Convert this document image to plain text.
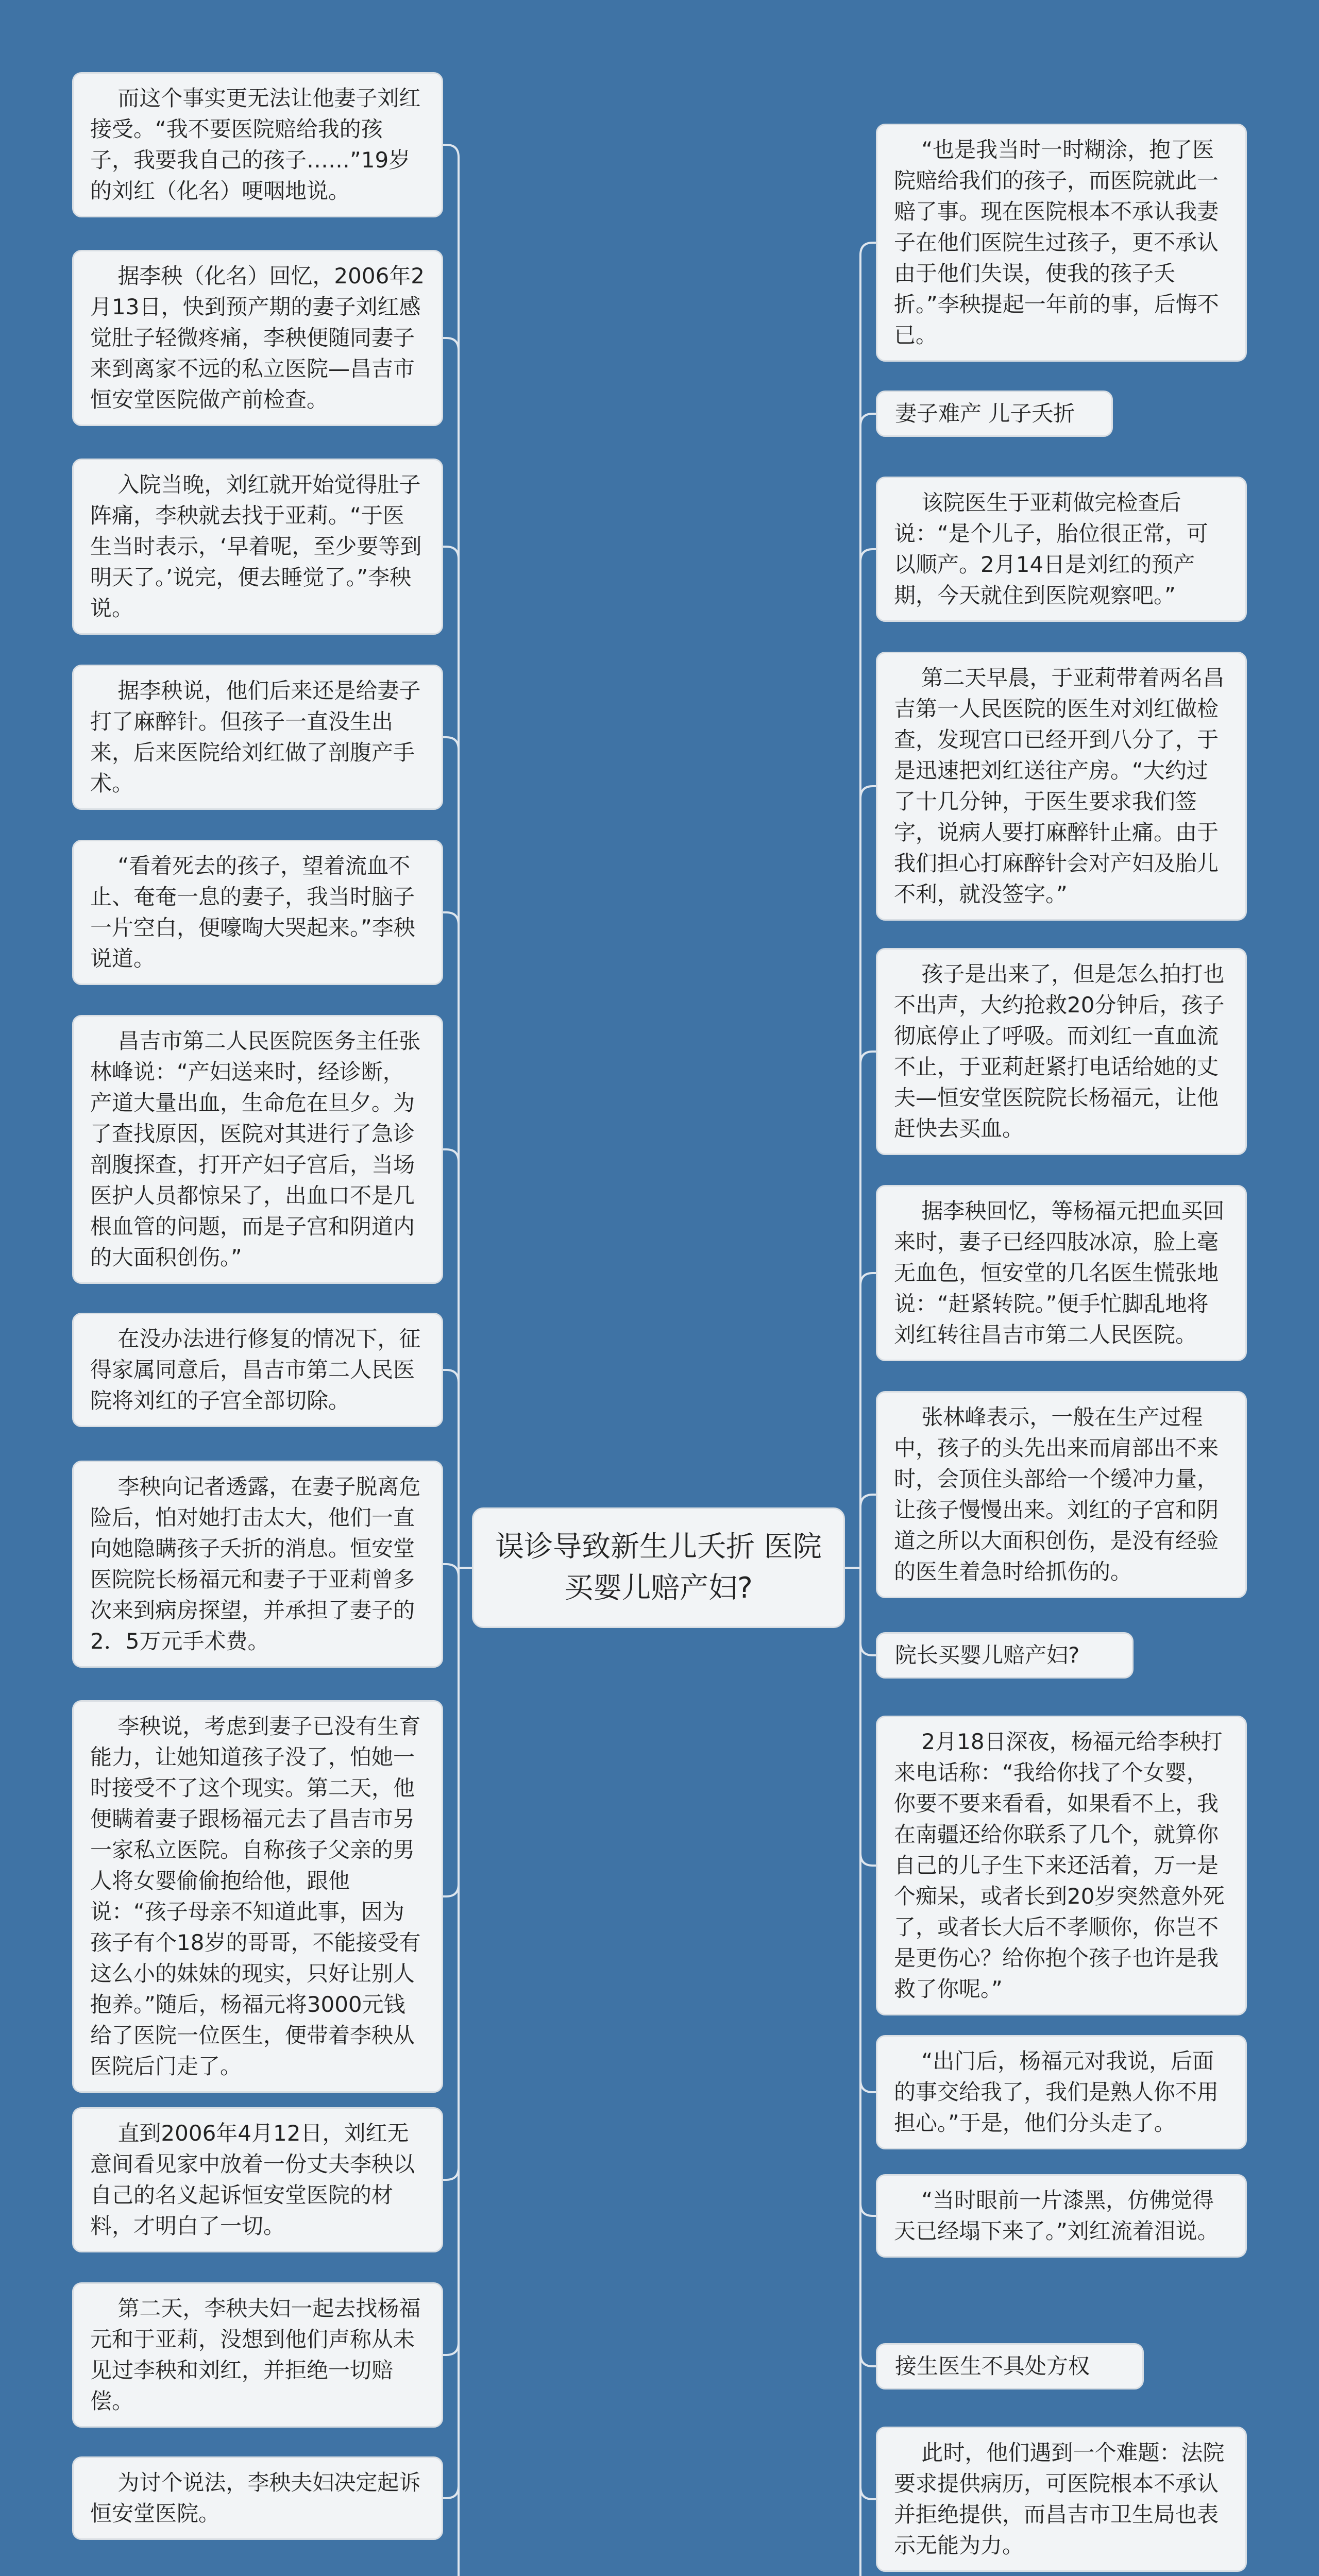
误诊导致新生儿夭折 医院买婴儿赔产妇?
而这个事实更无法让他妻子刘红接受。“我不要医院赔给我的孩子，我要我自己的孩子……”19岁的刘红（化名）哽咽地说。
据李秧（化名）回忆，2006年2月13日，快到预产期的妻子刘红感觉肚子轻微疼痛，李秧便随同妻子来到离家不远的私立医院—昌吉市恒安堂医院做产前检查。
入院当晚，刘红就开始觉得肚子阵痛，李秧就去找于亚莉。“于医生当时表示，‘早着呢，至少要等到明天了。’说完，便去睡觉了。”李秧说。
据李秧说，他们后来还是给妻子打了麻醉针。但孩子一直没生出来，后来医院给刘红做了剖腹产手术。
“看着死去的孩子，望着流血不止、奄奄一息的妻子，我当时脑子一片空白，便嚎啕大哭起来。”李秧说道。
昌吉市第二人民医院医务主任张林峰说：“产妇送来时，经诊断，产道大量出血，生命危在旦夕。为了查找原因，医院对其进行了急诊剖腹探查，打开产妇子宫后，当场医护人员都惊呆了，出血口不是几根血管的问题，而是子宫和阴道内的大面积创伤。”
在没办法进行修复的情况下，征得家属同意后，昌吉市第二人民医院将刘红的子宫全部切除。
李秧向记者透露，在妻子脱离危险后，怕对她打击太大，他们一直向她隐瞒孩子夭折的消息。恒安堂医院院长杨福元和妻子于亚莉曾多次来到病房探望，并承担了妻子的2．5万元手术费。
李秧说，考虑到妻子已没有生育能力，让她知道孩子没了，怕她一时接受不了这个现实。第二天，他便瞒着妻子跟杨福元去了昌吉市另一家私立医院。自称孩子父亲的男人将女婴偷偷抱给他，跟他说：“孩子母亲不知道此事，因为孩子有个18岁的哥哥，不能接受有这么小的妹妹的现实，只好让别人抱养。”随后，杨福元将3000元钱给了医院一位医生，便带着李秧从医院后门走了。
直到2006年4月12日，刘红无意间看见家中放着一份丈夫李秧以自己的名义起诉恒安堂医院的材料，才明白了一切。
第二天，李秧夫妇一起去找杨福元和于亚莉，没想到他们声称从未见过李秧和刘红，并拒绝一切赔偿。
为讨个说法，李秧夫妇决定起诉恒安堂医院。
“也是我当时一时糊涂，抱了医院赔给我们的孩子，而医院就此一赔了事。现在医院根本不承认我妻子在他们医院生过孩子，更不承认由于他们失误，使我的孩子夭折。”李秧提起一年前的事，后悔不已。
妻子难产 儿子夭折
该院医生于亚莉做完检查后说：“是个儿子，胎位很正常，可以顺产。2月14日是刘红的预产期，今天就住到医院观察吧。”
第二天早晨，于亚莉带着两名昌吉第一人民医院的医生对刘红做检查，发现宫口已经开到八分了，于是迅速把刘红送往产房。“大约过了十几分钟，于医生要求我们签字，说病人要打麻醉针止痛。由于我们担心打麻醉针会对产妇及胎儿不利，就没签字。”
孩子是出来了，但是怎么拍打也不出声，大约抢救20分钟后，孩子彻底停止了呼吸。而刘红一直血流不止，于亚莉赶紧打电话给她的丈夫—恒安堂医院院长杨福元，让他赶快去买血。
据李秧回忆，等杨福元把血买回来时，妻子已经四肢冰凉，脸上毫无血色，恒安堂的几名医生慌张地说：“赶紧转院。”便手忙脚乱地将刘红转往昌吉市第二人民医院。
张林峰表示，一般在生产过程中，孩子的头先出来而肩部出不来时，会顶住头部给一个缓冲力量，让孩子慢慢出来。刘红的子宫和阴道之所以大面积创伤，是没有经验的医生着急时给抓伤的。
院长买婴儿赔产妇?
2月18日深夜，杨福元给李秧打来电话称：“我给你找了个女婴，你要不要来看看，如果看不上，我在南疆还给你联系了几个，就算你自己的儿子生下来还活着，万一是个痴呆，或者长到20岁突然意外死了，或者长大后不孝顺你，你岂不是更伤心？给你抱个孩子也许是我救了你呢。”
“出门后，杨福元对我说，后面的事交给我了，我们是熟人你不用担心。”于是，他们分头走了。
“当时眼前一片漆黑，仿佛觉得天已经塌下来了。”刘红流着泪说。
接生医生不具处方权
此时，他们遇到一个难题：法院要求提供病历，可医院根本不承认并拒绝提供，而昌吉市卫生局也表示无能为力。
